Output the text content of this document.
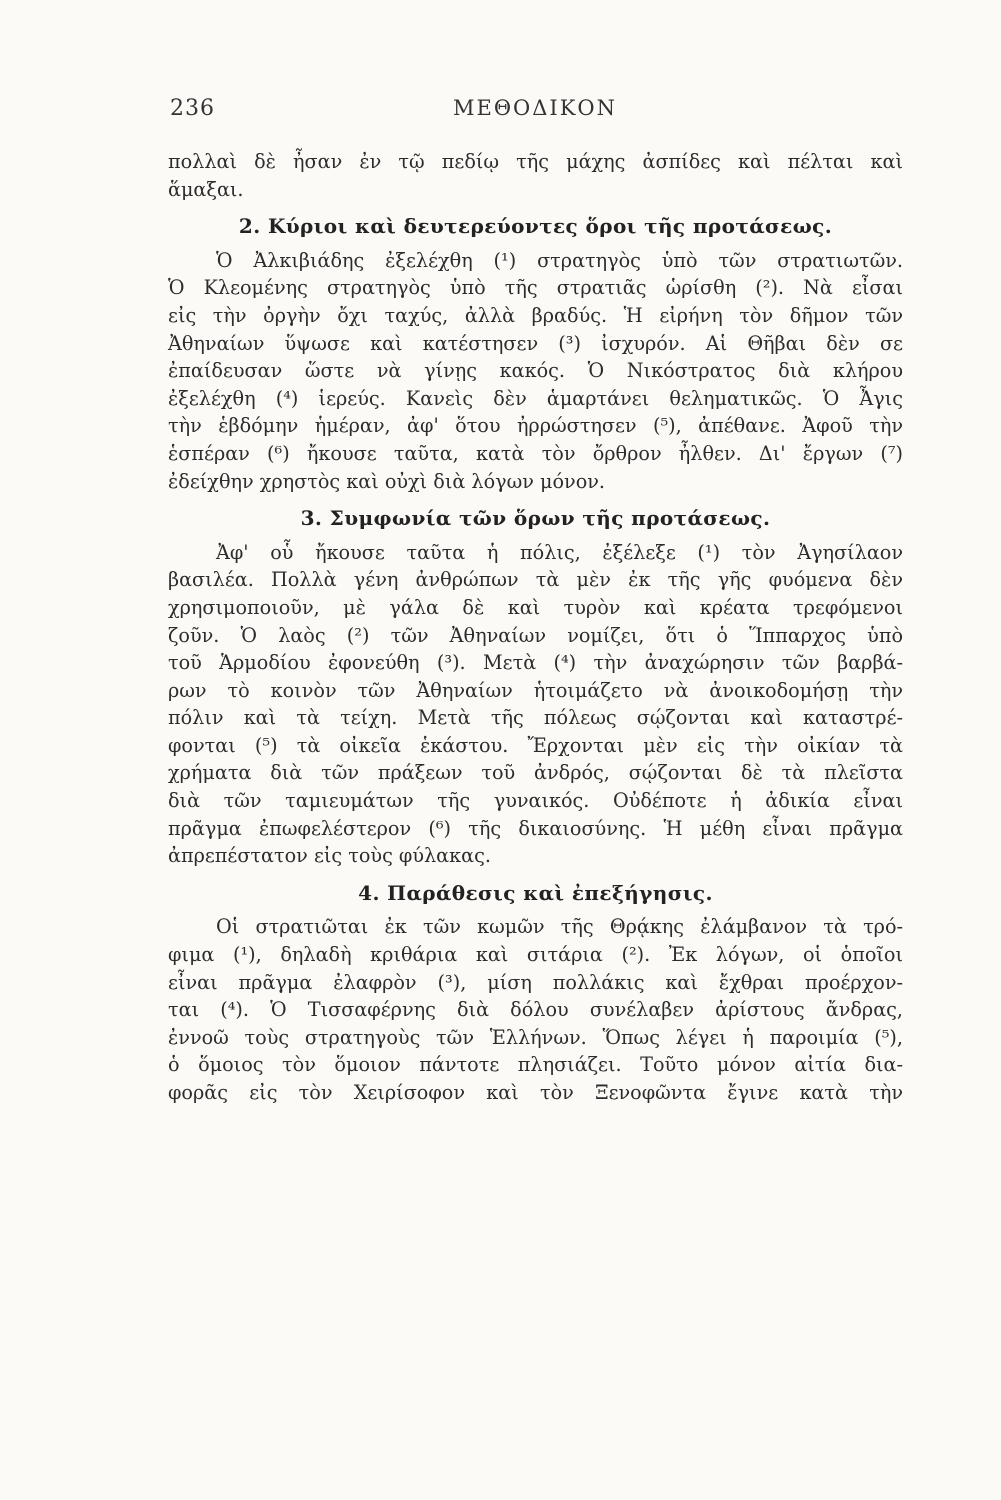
236	ΜΕΘΟΔΙΚΟΝ
πολλαὶ δὲ ἦσαν ἐν τῷ πεδίῳ τῆς μάχης ἀσπίδες καὶ πέλται καὶ
ἅμαξαι.
2. Κύριοι καὶ δευτερεύοντες ὅροι τῆς προτάσεως.
Ὁ Ἀλκιβιάδης ἐξελέχθη (¹) στρατηγὸς ὑπὸ τῶν στρατιωτῶν.
Ὁ Κλεομένης στρατηγὸς ὑπὸ τῆς στρατιᾶς ὡρίσθη (²). Νὰ εἶσαι
εἰς τὴν ὀργὴν ὄχι ταχύς, ἀλλὰ βραδύς. Ἡ εἰρήνη τὸν δῆμον τῶν
Ἀθηναίων ὕψωσε καὶ κατέστησεν (³) ἰσχυρόν. Αἱ Θῆβαι δὲν σε
ἐπαίδευσαν ὥστε νὰ γίνῃς κακός. Ὁ Νικόστρατος διὰ κλήρου
ἐξελέχθη (⁴) ἱερεύς. Κανεὶς δὲν ἁμαρτάνει θεληματικῶς. Ὁ Ἆγις
τὴν ἑβδόμην ἡμέραν, ἀφ' ὅτου ἠρρώστησεν (⁵), ἀπέθανε. Ἀφοῦ τὴν
ἑσπέραν (⁶) ἤκουσε ταῦτα, κατὰ τὸν ὄρθρον ἦλθεν. Δι' ἔργων (⁷)
ἐδείχθην χρηστὸς καὶ οὐχὶ διὰ λόγων μόνον.
3. Συμφωνία τῶν ὅρων τῆς προτάσεως.
Ἀφ' οὗ ἤκουσε ταῦτα ἡ πόλις, ἐξέλεξε (¹) τὸν Ἀγησίλαον
βασιλέα. Πολλὰ γένη ἀνθρώπων τὰ μὲν ἐκ τῆς γῆς φυόμενα δὲν
χρησιμοποιοῦν, μὲ γάλα δὲ καὶ τυρὸν καὶ κρέατα τρεφόμενοι
ζοῦν. Ὁ λαὸς (²) τῶν Ἀθηναίων νομίζει, ὅτι ὁ Ἵππαρχος ὑπὸ
τοῦ Ἁρμοδίου ἐφονεύθη (³). Μετὰ (⁴) τὴν ἀναχώρησιν τῶν βαρβά-
ρων τὸ κοινὸν τῶν Ἀθηναίων ἡτοιμάζετο νὰ ἀνοικοδομήσῃ τὴν
πόλιν καὶ τὰ τείχη. Μετὰ τῆς πόλεως σῴζονται καὶ καταστρέ-
φονται (⁵) τὰ οἰκεῖα ἑκάστου. Ἔρχονται μὲν εἰς τὴν οἰκίαν τὰ
χρήματα διὰ τῶν πράξεων τοῦ ἀνδρός, σῴζονται δὲ τὰ πλεῖστα
διὰ τῶν ταμιευμάτων τῆς γυναικός. Οὐδέποτε ἡ ἀδικία εἶναι
πρᾶγμα ἐπωφελέστερον (⁶) τῆς δικαιοσύνης. Ἡ μέθη εἶναι πρᾶγμα
ἀπρεπέστατον εἰς τοὺς φύλακας.
4. Παράθεσις καὶ ἐπεξήγησις.
Οἱ στρατιῶται ἐκ τῶν κωμῶν τῆς Θρᾴκης ἐλάμβανον τὰ τρό-
φιμα (¹), δηλαδὴ κριθάρια καὶ σιτάρια (²). Ἐκ λόγων, οἱ ὁποῖοι
εἶναι πρᾶγμα ἐλαφρὸν (³), μίση πολλάκις καὶ ἔχθραι προέρχον-
ται (⁴). Ὁ Τισσαφέρνης διὰ δόλου συνέλαβεν ἀρίστους ἄνδρας,
ἐννοῶ τοὺς στρατηγοὺς τῶν Ἑλλήνων. Ὅπως λέγει ἡ παροιμία (⁵),
ὁ ὅμοιος τὸν ὅμοιον πάντοτε πλησιάζει. Τοῦτο μόνον αἰτία δια-
φορᾶς εἰς τὸν Χειρίσοφον καὶ τὸν Ξενοφῶντα ἔγινε κατὰ τὴν
